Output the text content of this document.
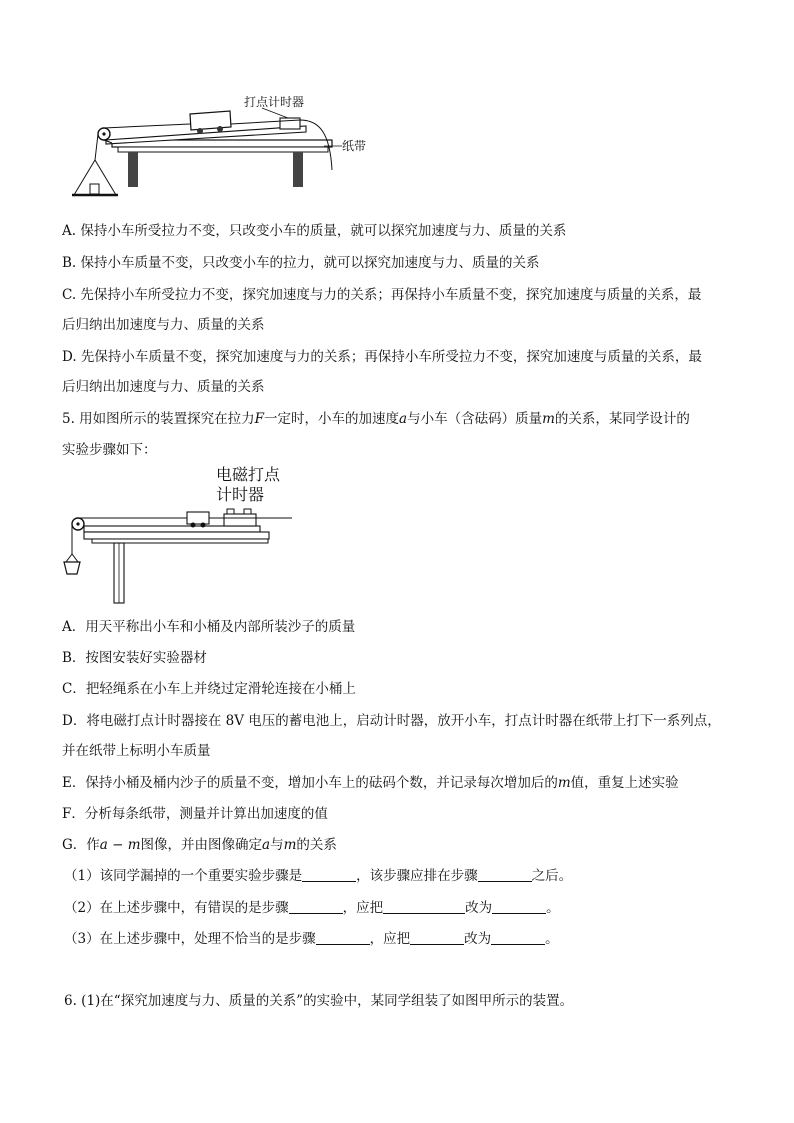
打点计时器
纸带
A. 保持小车所受拉力不变，只改变小车的质量，就可以探究加速度与力、质量的关系
B. 保持小车质量不变，只改变小车的拉力，就可以探究加速度与力、质量的关系
C. 先保持小车所受拉力不变，探究加速度与力的关系；再保持小车质量不变，探究加速度与质量的关系，最
后归纳出加速度与力、质量的关系
D. 先保持小车质量不变，探究加速度与力的关系；再保持小车所受拉力不变，探究加速度与质量的关系，最
后归纳出加速度与力、质量的关系
5. 用如图所示的装置探究在拉力F一定时，小车的加速度a与小车（含砝码）质量m的关系，某同学设计的
实验步骤如下：
电磁打点
计时器
A．用天平称出小车和小桶及内部所装沙子的质量
B．按图安装好实验器材
C．把轻绳系在小车上并绕过定滑轮连接在小桶上
D．将电磁打点计时器接在 8V 电压的蓄电池上，启动计时器，放开小车，打点计时器在纸带上打下一系列点，
并在纸带上标明小车质量
E．保持小桶及桶内沙子的质量不变，增加小车上的砝码个数，并记录每次增加后的m值，重复上述实验
F．分析每条纸带，测量并计算出加速度的值
G．作a − m图像，并由图像确定a与m的关系
（1）该同学漏掉的一个重要实验步骤是	，该步骤应排在步骤	之后。
（2）在上述步骤中，有错误的是步骤	，应把	改为	。
（3）在上述步骤中，处理不恰当的是步骤	，应把	改为	。
6. (1)在“探究加速度与力、质量的关系”的实验中，某同学组装了如图甲所示的装置。
